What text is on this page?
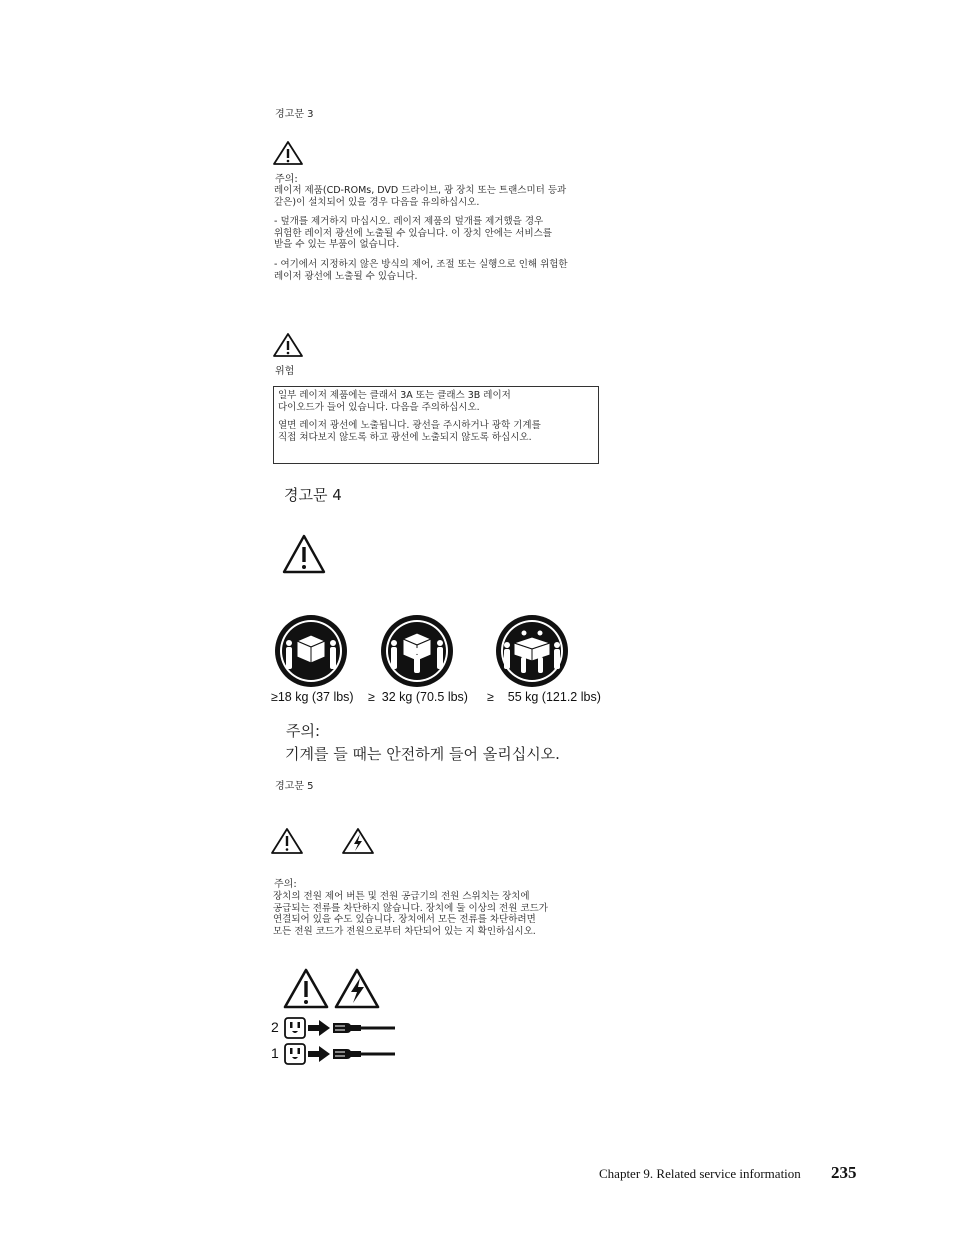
경고문 3
주의:
레이저 제품(CD-ROMs, DVD 드라이브, 광 장치 또는 트랜스미터 등과
같은)이 설치되어 있을 경우 다음을 유의하십시오.
- 덮개를 제거하지 마십시오. 레이저 제품의 덮개를 제거했을 경우
위험한 레이저 광선에 노출될 수 있습니다. 이 장치 안에는 서비스를
받을 수 있는 부품이 없습니다.
- 여기에서 지정하지 않은 방식의 제어, 조절 또는 실행으로 인해 위험한
레이저 광선에 노출될 수 있습니다.
위험
일부 레이저 제품에는 클래서 3A 또는 클래스 3B 레이저
다이오드가 들어 있습니다. 다음을 주의하십시오.
열면 레이저 광선에 노출됩니다. 광선을 주시하거나 광학 기계를
직접 쳐다보지 않도록 하고 광선에 노출되지 않도록 하십시오.
경고문 4
≥18 kg (37 lbs) ≥  32 kg (70.5 lbs) ≥    55 kg (121.2 lbs)
주의:
기계를 들 때는 안전하게 들어 올리십시오.
경고문 5
주의:
장치의 전원 제어 버튼 및 전원 공급기의 전원 스위치는 장치에
공급되는 전류를 차단하지 않습니다. 장치에 둘 이상의 전원 코드가
연결되어 있을 수도 있습니다. 장치에서 모든 전류를 차단하려면
모든 전원 코드가 전원으로부터 차단되어 있는 지 확인하십시오.
2
1
Chapter 9. Related service information 235
